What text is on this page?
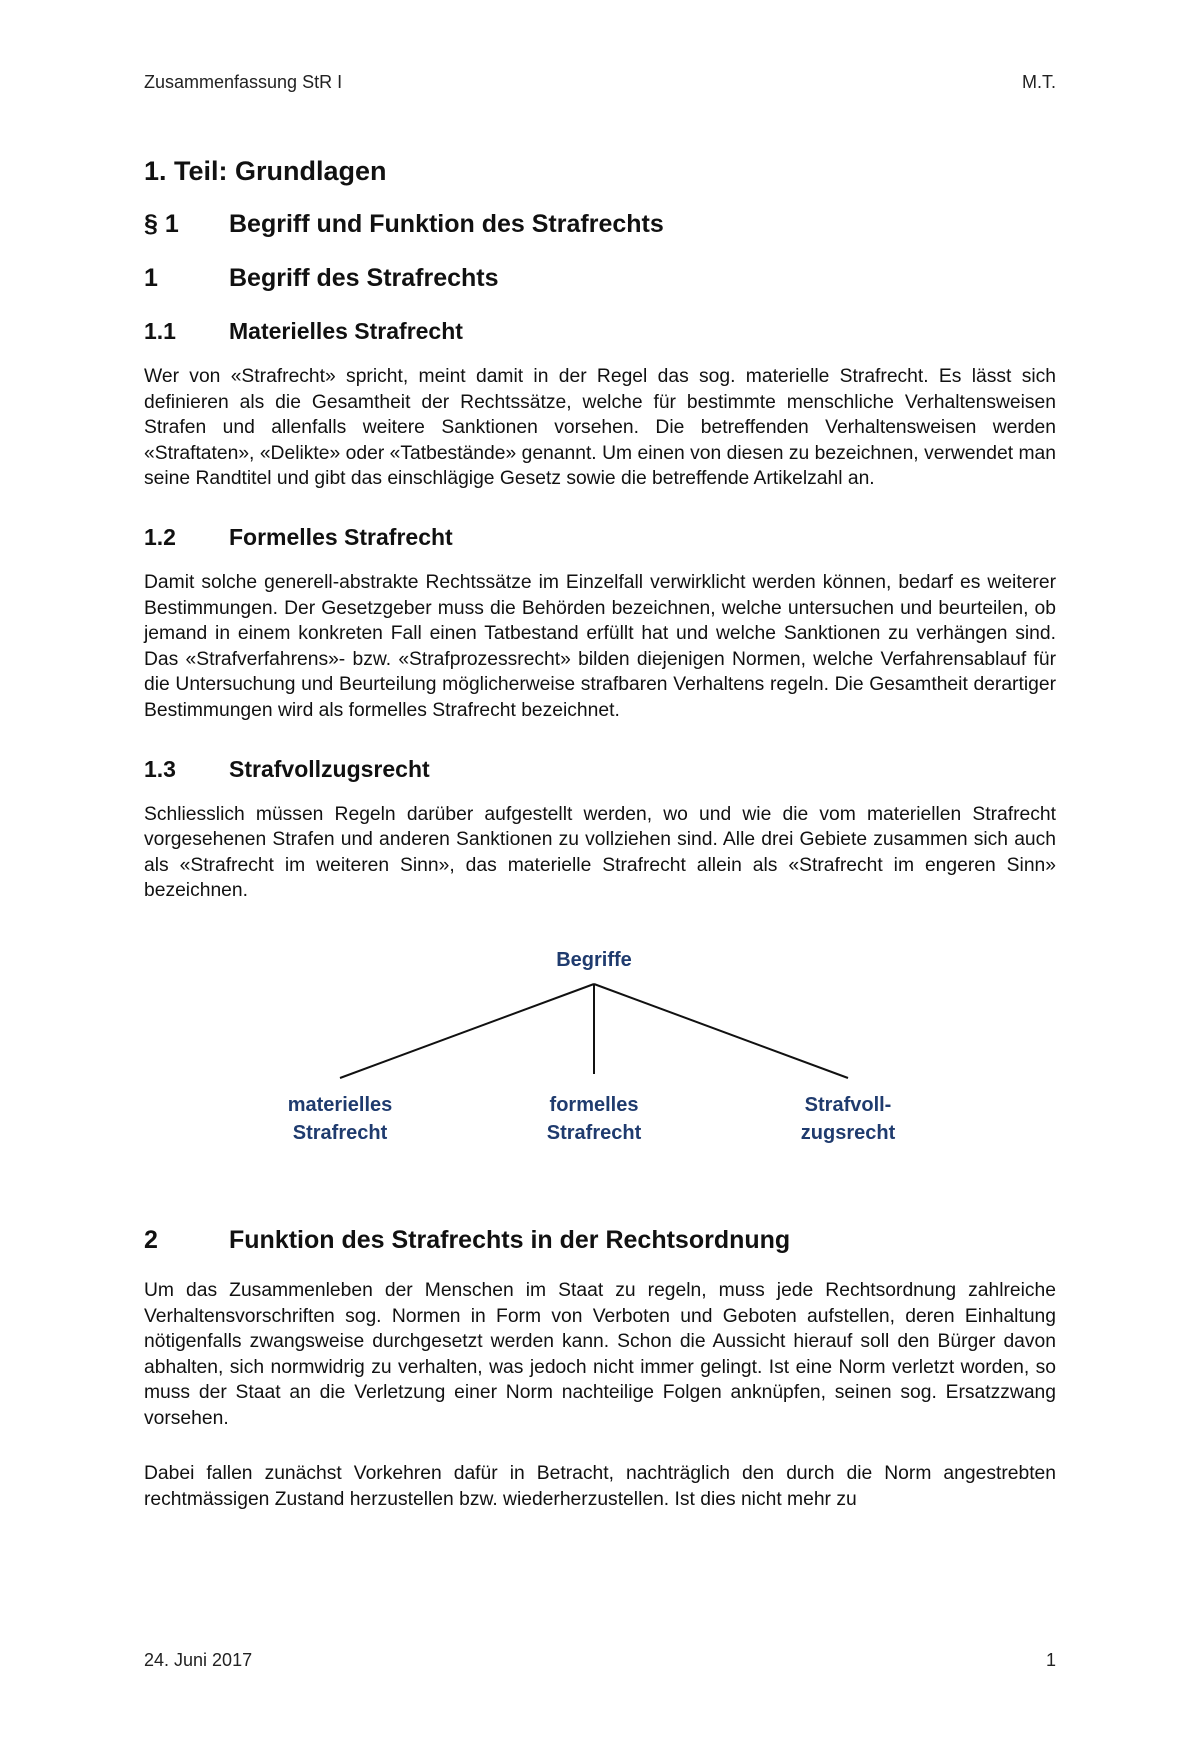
Zusammenfassung StR I	M.T.
1. Teil: Grundlagen
§ 1	Begriff und Funktion des Strafrechts
1	Begriff des Strafrechts
1.1	Materielles Strafrecht

Wer von «Strafrecht» spricht, meint damit in der Regel das sog. materielle Strafrecht. Es lässt sich definieren als die Gesamtheit der Rechtssätze, welche für bestimmte menschliche Verhaltensweisen Strafen und allenfalls weitere Sanktionen vorsehen. Die betreffenden Verhaltensweisen werden «Straftaten», «Delikte» oder «Tatbestände» genannt. Um einen von diesen zu bezeichnen, verwendet man seine Randtitel und gibt das einschlägige Gesetz sowie die betreffende Artikelzahl an.

1.2	Formelles Strafrecht

Damit solche generell-abstrakte Rechtssätze im Einzelfall verwirklicht werden können, bedarf es weiterer Bestimmungen. Der Gesetzgeber muss die Behörden bezeichnen, welche untersuchen und beurteilen, ob jemand in einem konkreten Fall einen Tatbestand erfüllt hat und welche Sanktionen zu verhängen sind. Das «Strafverfahrens»- bzw. «Strafprozessrecht» bilden diejenigen Normen, welche Verfahrensablauf für die Untersuchung und Beurteilung möglicherweise strafbaren Verhaltens regeln. Die Gesamtheit derartiger Bestimmungen wird als formelles Strafrecht bezeichnet.

1.3	Strafvollzugsrecht

Schliesslich müssen Regeln darüber aufgestellt werden, wo und wie die vom materiellen Strafrecht vorgesehenen Strafen und anderen Sanktionen zu vollziehen sind. Alle drei Gebiete zusammen sich auch als «Strafrecht im weiteren Sinn», das materielle Strafrecht allein als «Strafrecht im engeren Sinn» bezeichnen.

Begriffe
materielles
Strafrecht
formelles
Strafrecht
Strafvoll-
zugsrecht
2	Funktion des Strafrechts in der Rechtsordnung

Um das Zusammenleben der Menschen im Staat zu regeln, muss jede Rechtsordnung zahlreiche Verhaltensvorschriften sog. Normen in Form von Verboten und Geboten aufstellen, deren Einhaltung nötigenfalls zwangsweise durchgesetzt werden kann. Schon die Aussicht hierauf soll den Bürger davon abhalten, sich normwidrig zu verhalten, was jedoch nicht immer gelingt. Ist eine Norm verletzt worden, so muss der Staat an die Verletzung einer Norm nachteilige Folgen anknüpfen, seinen sog. Ersatzzwang vorsehen.

Dabei fallen zunächst Vorkehren dafür in Betracht, nachträglich den durch die Norm angestrebten rechtmässigen Zustand herzustellen bzw. wiederherzustellen. Ist dies nicht mehr zu

24. Juni 2017	1
